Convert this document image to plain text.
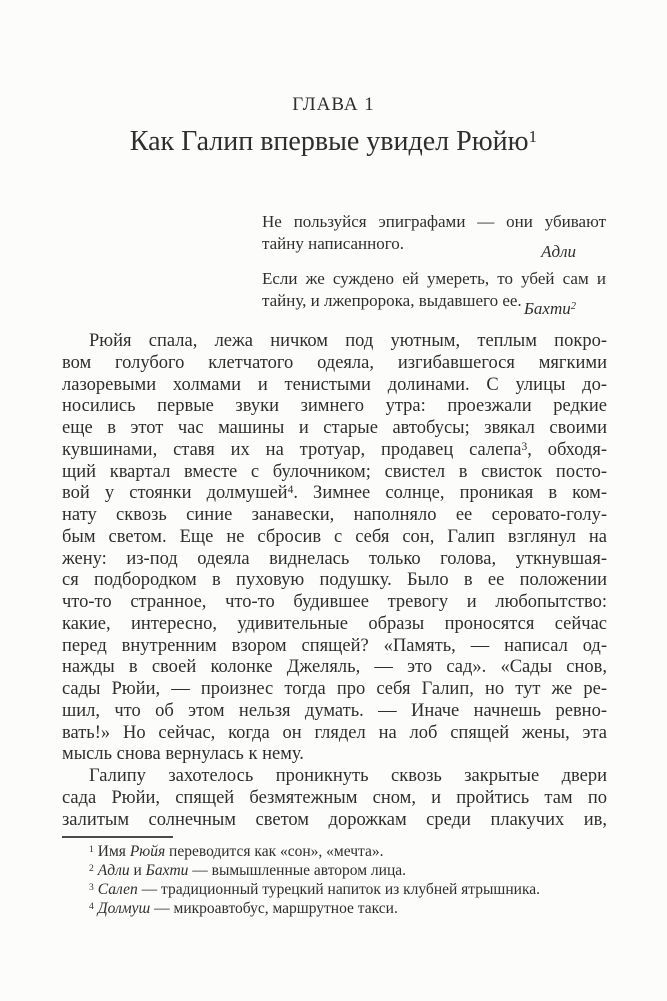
ГЛАВА 1
Как Галип впервые увидел Рюйю$^1$
Не пользуйся эпиграфами — они убивают
тайну написанного.	Адли
Если же суждено ей умереть, то убей сам и
тайну, и лжепророка, выдавшего ее. Бахти$^2$
Рюйя спала, лежа ничком под уютным, теплым покро-
вом голубого клетчатого одеяла, изгибавшегося мягкими
лазоревыми холмами и тенистыми долинами. С улицы до-
носились первые звуки зимнего утра: проезжали редкие
еще в этот час машины и старые автобусы; звякал своими
кувшинами, ставя их на тротуар, продавец салепа$^3$, обходя-
щий квартал вместе с булочником; свистел в свисток посто-
вой у стоянки долмушей$^4$. Зимнее солнце, проникая в ком-
нату сквозь синие занавески, наполняло ее серовато-голу-
бым светом. Еще не сбросив с себя сон, Галип взглянул на
жену: из-под одеяла виднелась только голова, уткнувшая-
ся подбородком в пуховую подушку. Было в ее положении
что-то странное, что-то будившее тревогу и любопытство:
какие, интересно, удивительные образы проносятся сейчас
перед внутренним взором спящей? «Память, — написал од-
нажды в своей колонке Джеляль, — это сад». «Сады снов,
сады Рюйи, — произнес тогда про себя Галип, но тут же ре-
шил, что об этом нельзя думать. — Иначе начнешь ревно-
вать!» Но сейчас, когда он глядел на лоб спящей жены, эта
мысль снова вернулась к нему.
Галипу захотелось проникнуть сквозь закрытые двери
сада Рюйи, спящей безмятежным сном, и пройтись там по
залитым солнечным светом дорожкам среди плакучих ив,
$^1$ Имя Рюйя переводится как «сон», «мечта».
$^2$ Адли и Бахти — вымышленные автором лица.
$^3$ Салеп — традиционный турецкий напиток из клубней ятрышника.
$^4$ Долмуш — микроавтобус, маршрутное такси.
